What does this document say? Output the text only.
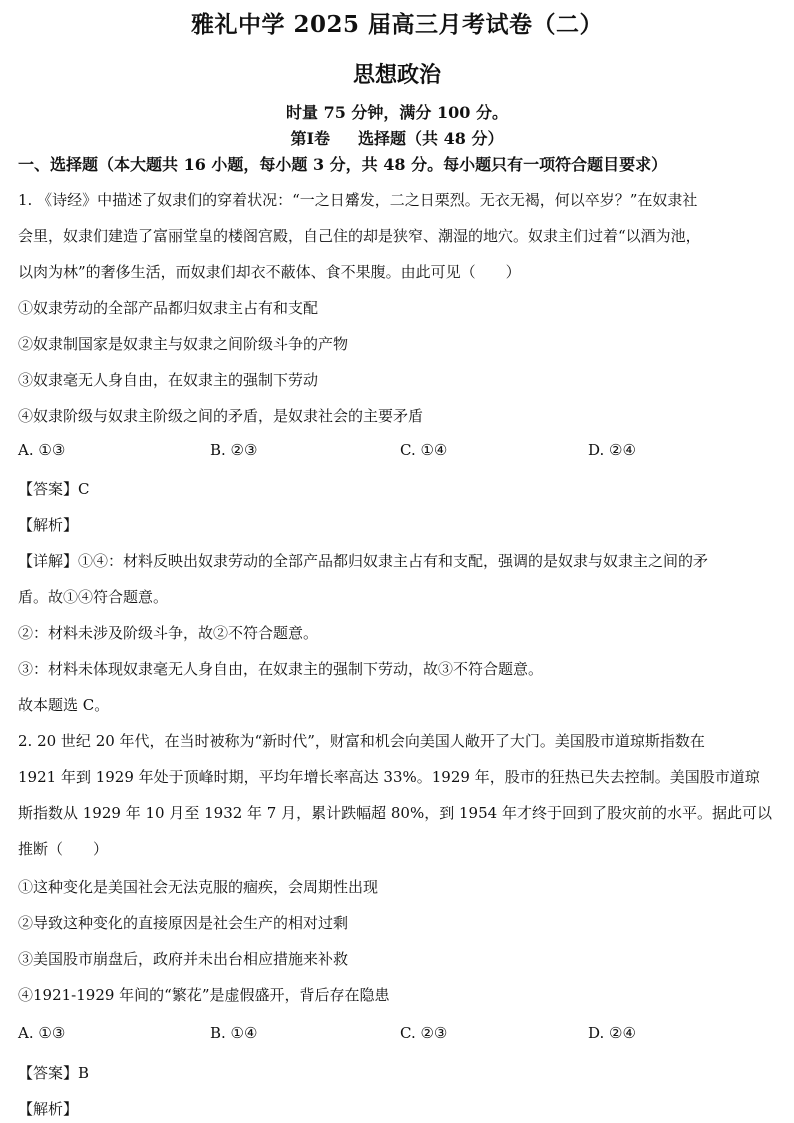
雅礼中学 2025 届高三月考试卷（二）
思想政治
时量 75 分钟，满分 100 分。
第Ⅰ卷 选择题（共 48 分）
一、选择题（本大题共 16 小题，每小题 3 分，共 48 分。每小题只有一项符合题目要求）
1. 《诗经》中描述了奴隶们的穿着状况：“一之日觱发，二之日栗烈。无衣无褐，何以卒岁？”在奴隶社
会里，奴隶们建造了富丽堂皇的楼阁宫殿，自己住的却是狭窄、潮湿的地穴。奴隶主们过着“以酒为池，
以肉为林”的奢侈生活，而奴隶们却衣不蔽体、食不果腹。由此可见（　　）
①奴隶劳动的全部产品都归奴隶主占有和支配
②奴隶制国家是奴隶主与奴隶之间阶级斗争的产物
③奴隶毫无人身自由，在奴隶主的强制下劳动
④奴隶阶级与奴隶主阶级之间的矛盾，是奴隶社会的主要矛盾
A. ①③	B. ②③	C. ①④	D. ②④
【答案】C
【解析】
【详解】①④：材料反映出奴隶劳动的全部产品都归奴隶主占有和支配，强调的是奴隶与奴隶主之间的矛
盾。故①④符合题意。
②：材料未涉及阶级斗争，故②不符合题意。
③：材料未体现奴隶毫无人身自由，在奴隶主的强制下劳动，故③不符合题意。
故本题选 C。
2. 20 世纪 20 年代，在当时被称为“新时代”，财富和机会向美国人敞开了大门。美国股市道琼斯指数在
1921 年到 1929 年处于顶峰时期，平均年增长率高达 33%。1929 年，股市的狂热已失去控制。美国股市道琼
斯指数从 1929 年 10 月至 1932 年 7 月，累计跌幅超 80%，到 1954 年才终于回到了股灾前的水平。据此可以
推断（　　）
①这种变化是美国社会无法克服的痼疾，会周期性出现
②导致这种变化的直接原因是社会生产的相对过剩
③美国股市崩盘后，政府并未出台相应措施来补救
④1921-1929 年间的“繁花”是虚假盛开，背后存在隐患
A. ①③	B. ①④	C. ②③	D. ②④
【答案】B
【解析】
